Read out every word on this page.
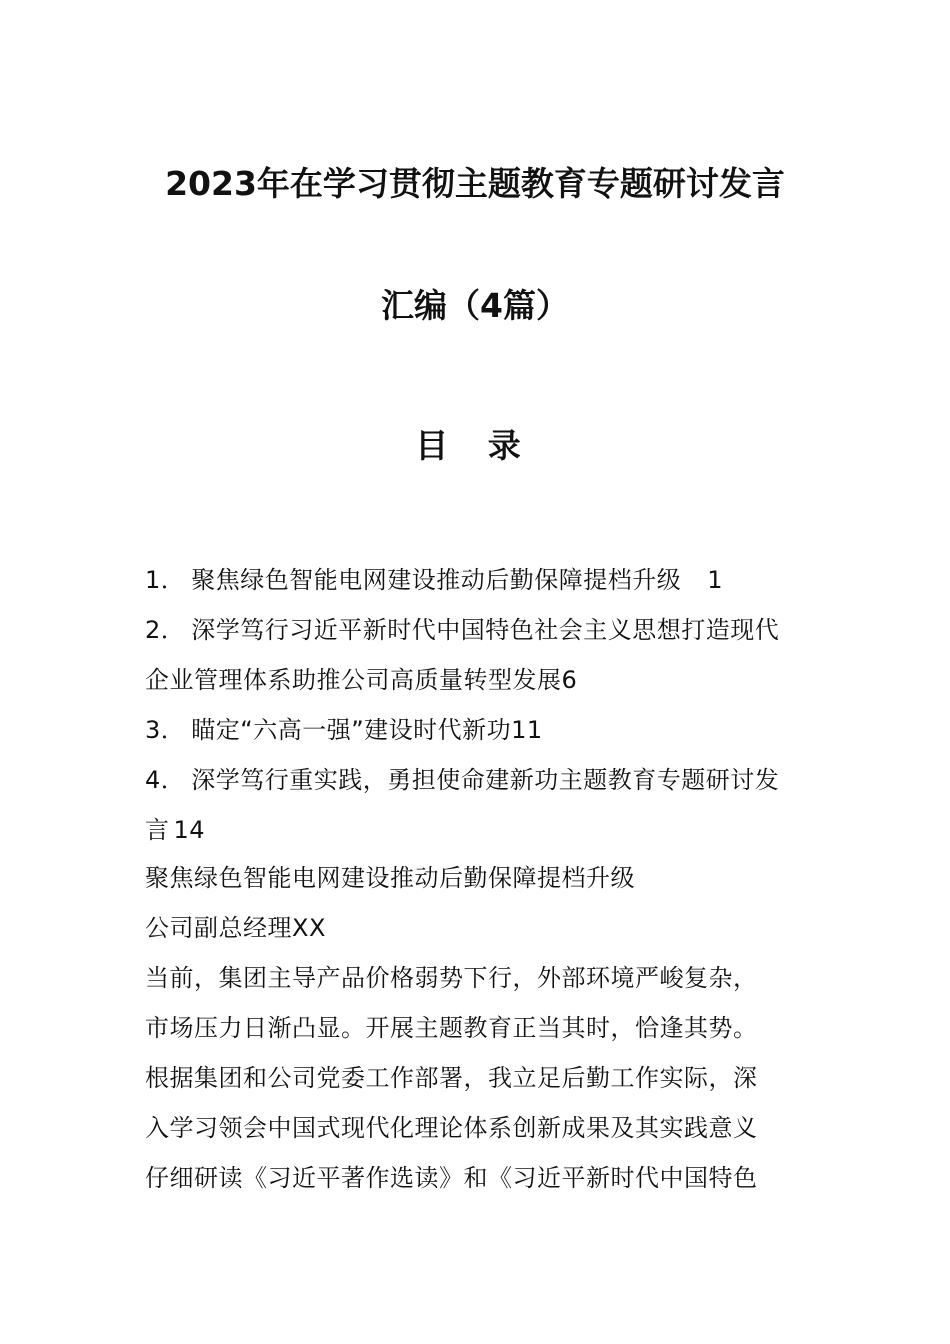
2023年在学习贯彻主题教育专题研讨发言
汇编（4篇）
目 录
1． 聚焦绿色智能电网建设推动后勤保障提档升级 1
2． 深学笃行习近平新时代中国特色社会主义思想打造现代
企业管理体系助推公司高质量转型发展6
3． 瞄定“六高一强”建设时代新功11
4． 深学笃行重实践，勇担使命建新功主题教育专题研讨发
言 14
聚焦绿色智能电网建设推动后勤保障提档升级
公司副总经理XX
当前，集团主导产品价格弱势下行，外部环境严峻复杂，
市场压力日渐凸显。开展主题教育正当其时，恰逢其势。
根据集团和公司党委工作部署，我立足后勤工作实际，深
入学习领会中国式现代化理论体系创新成果及其实践意义
仔细研读《习近平著作选读》和《习近平新时代中国特色
